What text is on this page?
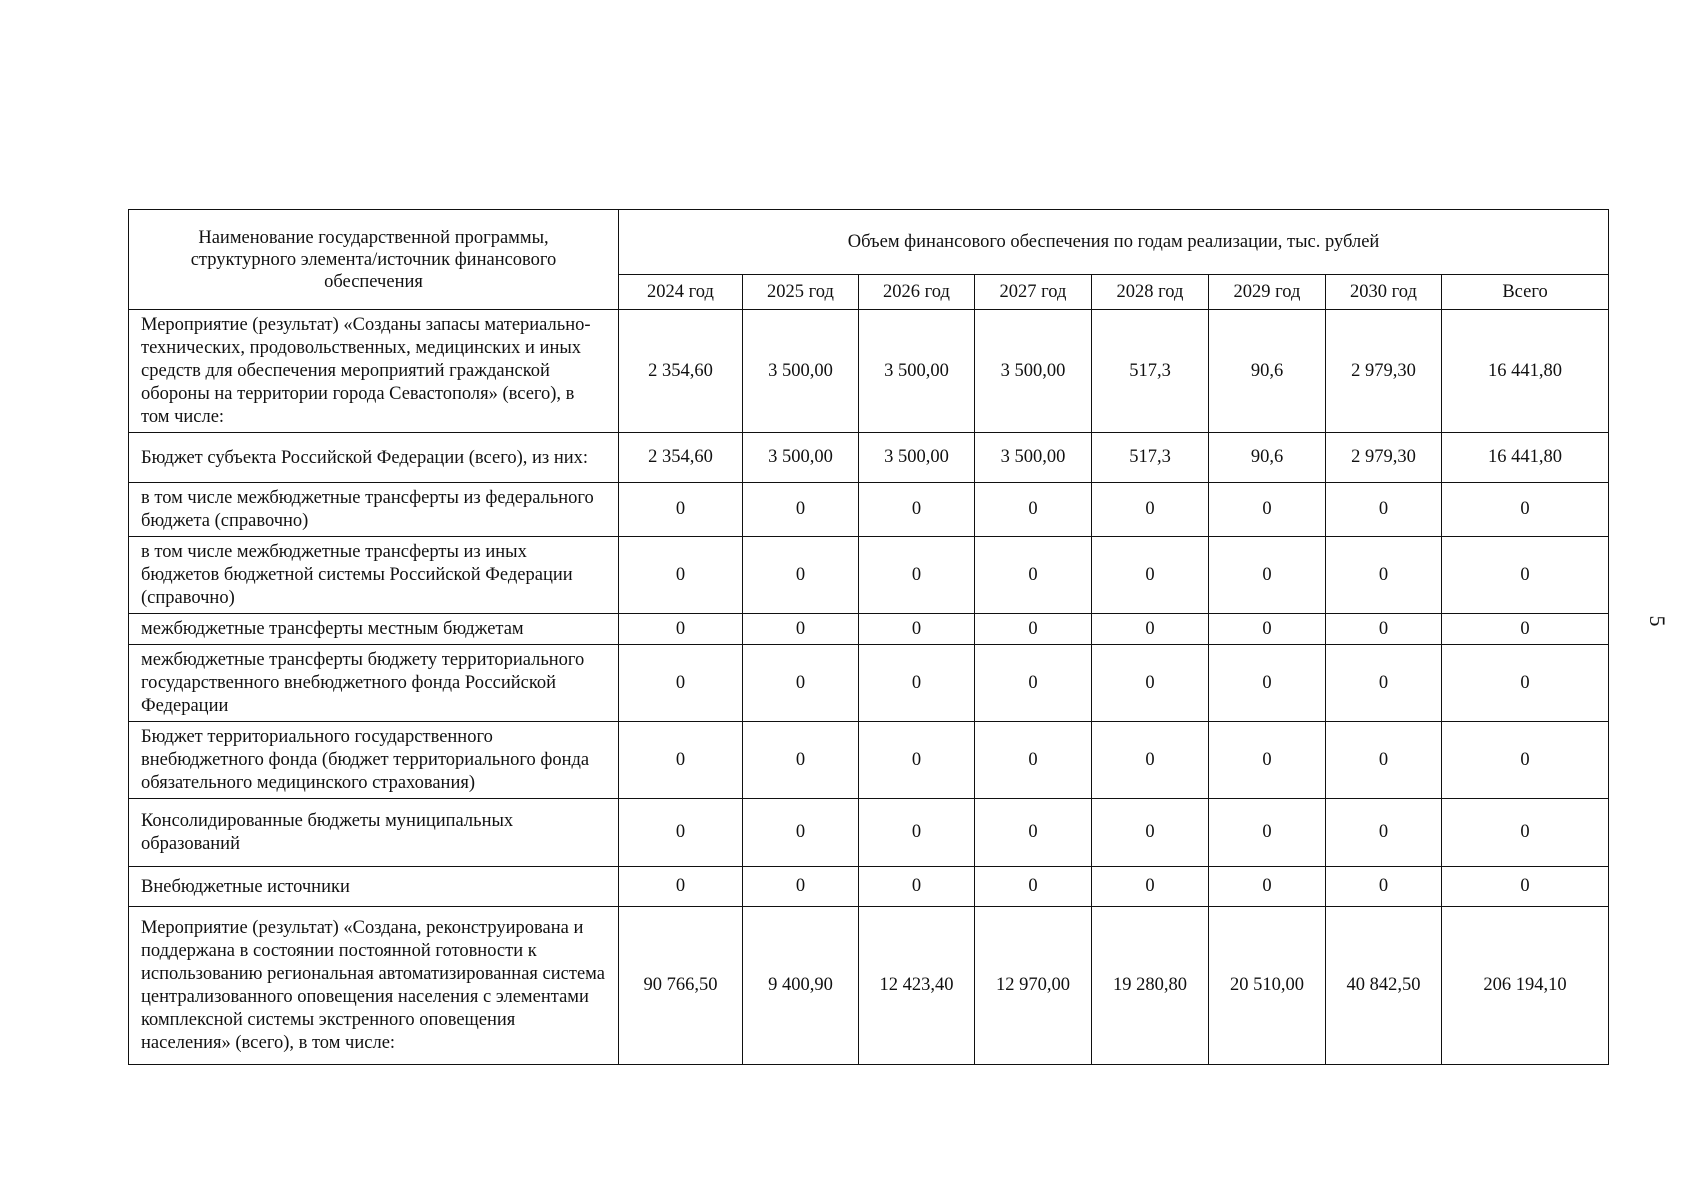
5
Наименование государственной программы, структурного элемента/источник финансового обеспечения	Объем финансового обеспечения по годам реализации, тыс. рублей							
	2024 год	2025 год	2026 год	2027 год	2028 год	2029 год	2030 год	Всего
Мероприятие (результат) «Созданы запасы материально-технических, продовольственных, медицинских и иных средств для обеспечения мероприятий гражданской обороны на территории города Севастополя» (всего), в том числе:	2 354,60	3 500,00	3 500,00	3 500,00	517,3	90,6	2 979,30	16 441,80
Бюджет субъекта Российской Федерации (всего), из них:	2 354,60	3 500,00	3 500,00	3 500,00	517,3	90,6	2 979,30	16 441,80
в том числе межбюджетные трансферты из федерального бюджета (справочно)	0	0	0	0	0	0	0	0
в том числе межбюджетные трансферты из иных бюджетов бюджетной системы Российской Федерации (справочно)	0	0	0	0	0	0	0	0
межбюджетные трансферты местным бюджетам	0	0	0	0	0	0	0	0
межбюджетные трансферты бюджету территориального государственного внебюджетного фонда Российской Федерации	0	0	0	0	0	0	0	0
Бюджет территориального государственного внебюджетного фонда (бюджет территориального фонда обязательного медицинского страхования)	0	0	0	0	0	0	0	0
Консолидированные бюджеты муниципальных образований	0	0	0	0	0	0	0	0
Внебюджетные источники	0	0	0	0	0	0	0	0
Мероприятие (результат) «Создана, реконструирована и поддержана в состоянии постоянной готовности к использованию региональная автоматизированная система централизованного оповещения населения с элементами комплексной системы экстренного оповещения населения» (всего), в том числе:	90 766,50	9 400,90	12 423,40	12 970,00	19 280,80	20 510,00	40 842,50	206 194,10
